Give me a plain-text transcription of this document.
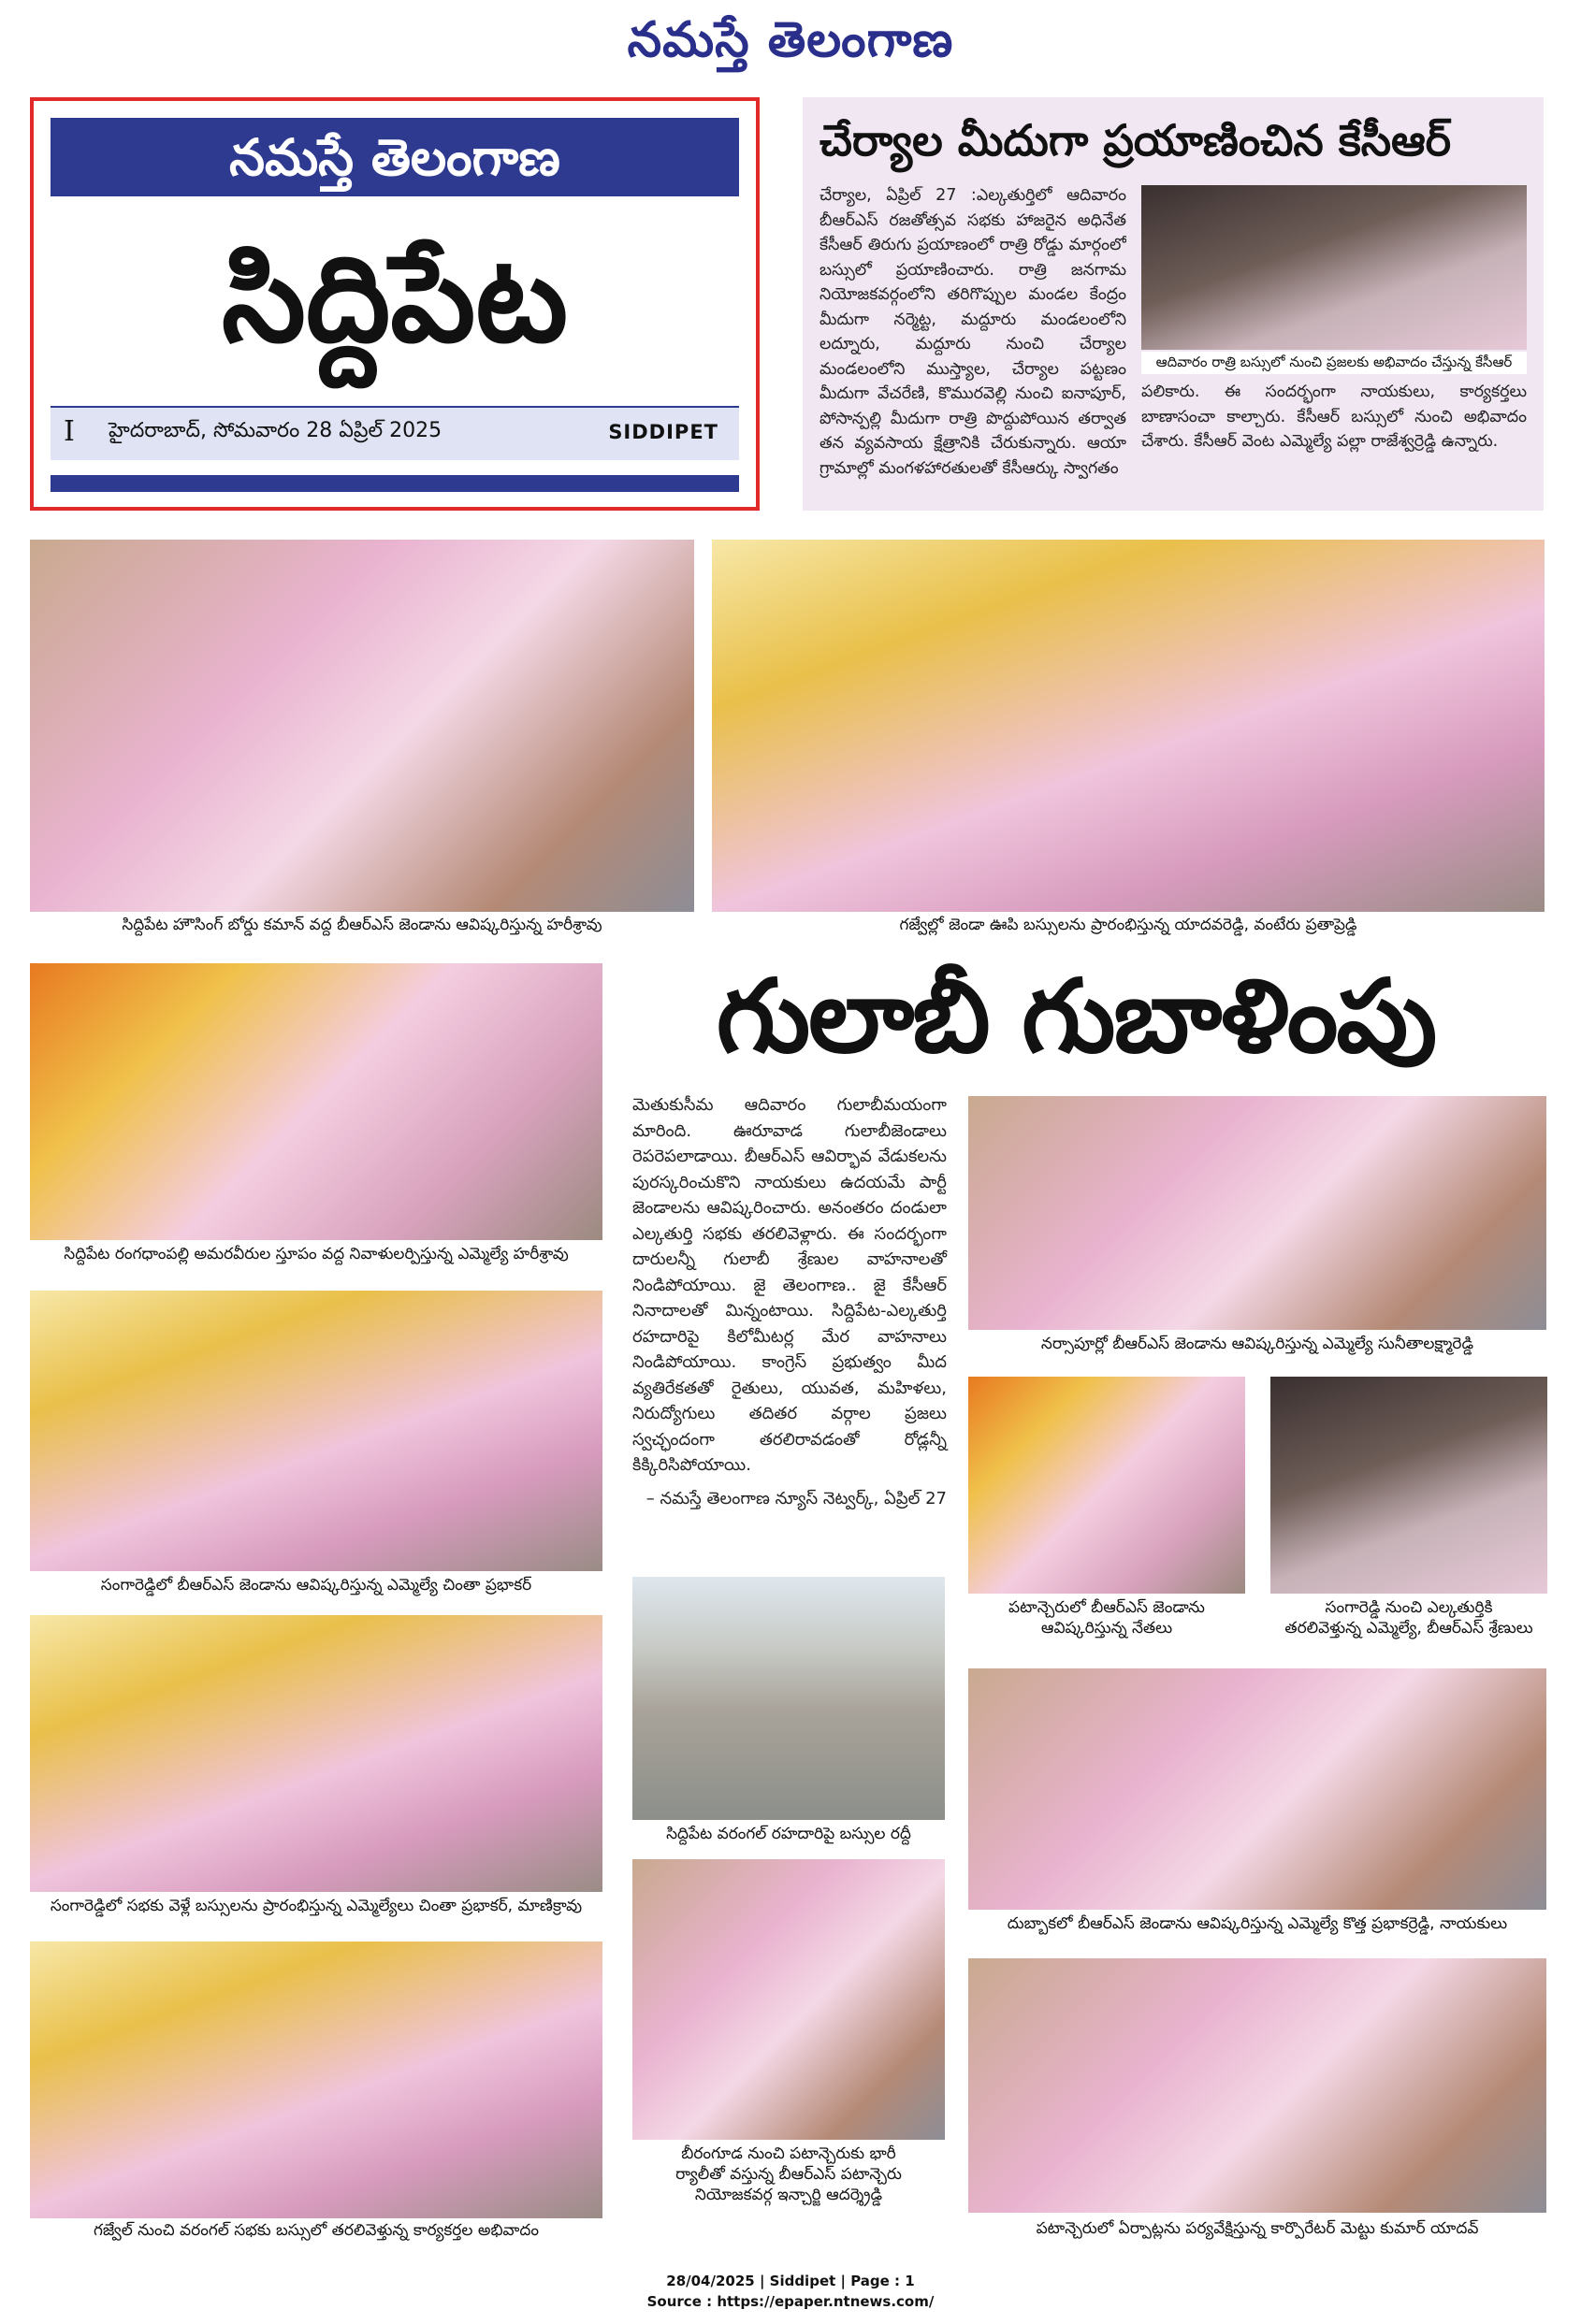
నమస్తే తెలంగాణ
నమస్తే తెలంగాణ
సిద్దిపేట
I హైదరాబాద్, సోమవారం 28 ఏప్రిల్ 2025	SIDDIPET
చేర్యాల మీదుగా ప్రయాణించిన కేసీఆర్
చేర్యాల, ఏప్రిల్ 27 :ఎల్కతుర్తిలో ఆదివారం బీఆర్ఎస్ రజతోత్సవ సభకు హాజరైన అధినేత కేసీఆర్ తిరుగు ప్రయాణంలో రాత్రి రోడ్డు మార్గంలో బస్సులో ప్రయాణించారు. రాత్రి జనగామ నియోజకవర్గంలోని తరిగొప్పుల మండల కేంద్రం మీదుగా నర్మెట్ట, మద్దూరు మండలంలోని లద్నూరు, మద్దూరు నుంచి చేర్యాల మండలంలోని ముస్త్యాల, చేర్యాల పట్టణం మీదుగా వేచరేణి, కొమురవెల్లి నుంచి ఐనాపూర్, పోసాన్పల్లి మీదుగా రాత్రి పొద్దుపోయిన తర్వాత తన వ్యవసాయ క్షేత్రానికి చేరుకున్నారు. ఆయా గ్రామాల్లో మంగళహారతులతో కేసీఆర్కు స్వాగతం
ఆదివారం రాత్రి బస్సులో నుంచి ప్రజలకు అభివాదం చేస్తున్న కేసీఆర్
పలికారు. ఈ సందర్భంగా నాయకులు, కార్యకర్తలు బాణాసంచా కాల్చారు. కేసీఆర్ బస్సులో నుంచి అభివాదం చేశారు. కేసీఆర్ వెంట ఎమ్మెల్యే పల్లా రాజేశ్వర్రెడ్డి ఉన్నారు.
సిద్దిపేట హౌసింగ్ బోర్డు కమాన్ వద్ద బీఆర్ఎస్ జెండాను ఆవిష్కరిస్తున్న హరీశ్రావు	గజ్వేల్లో జెండా ఊపి బస్సులను ప్రారంభిస్తున్న యాదవరెడ్డి, వంటేరు ప్రతాప్రెడ్డి
గులాబీ గుబాళింపు
సిద్దిపేట రంగధాంపల్లి అమరవీరుల స్తూపం వద్ద నివాళులర్పిస్తున్న ఎమ్మెల్యే హరీశ్రావు
సంగారెడ్డిలో బీఆర్ఎస్ జెండాను ఆవిష్కరిస్తున్న ఎమ్మెల్యే చింతా ప్రభాకర్
సంగారెడ్డిలో సభకు వెళ్లే బస్సులను ప్రారంభిస్తున్న ఎమ్మెల్యేలు చింతా ప్రభాకర్, మాణిక్రావు
గజ్వేల్ నుంచి వరంగల్ సభకు బస్సులో తరలివెళ్తున్న కార్యకర్తల అభివాదం
మెతుకుసీమ ఆదివారం గులాబీమయంగా మారింది. ఊరూవాడ గులాబీజెండాలు రెపరెపలాడాయి. బీఆర్ఎస్ ఆవిర్భావ వేడుకలను పురస్కరించుకొని నాయకులు ఉదయమే పార్టీ జెండాలను ఆవిష్కరించారు. అనంతరం దండులా ఎల్కతుర్తి సభకు తరలివెళ్లారు. ఈ సందర్భంగా దారులన్నీ గులాబీ శ్రేణుల వాహనాలతో నిండిపోయాయి. జై తెలంగాణ.. జై కేసీఆర్ నినాదాలతో మిన్నంటాయి. సిద్దిపేట-ఎల్కతుర్తి రహదారిపై కిలోమీటర్ల మేర వాహనాలు నిండిపోయాయి. కాంగ్రెస్ ప్రభుత్వం మీద వ్యతిరేకతతో రైతులు, యువత, మహిళలు, నిరుద్యోగులు తదితర వర్గాల ప్రజలు స్వచ్ఛందంగా తరలిరావడంతో రోడ్లన్నీ కిక్కిరిసిపోయాయి.
– నమస్తే తెలంగాణ న్యూస్ నెట్వర్క్, ఏప్రిల్ 27
సిద్దిపేట వరంగల్ రహదారిపై బస్సుల రద్దీ
బీరంగూడ నుంచి పటాన్చెరుకు భారీ
ర్యాలీతో వస్తున్న బీఆర్ఎస్ పటాన్చెరు
నియోజకవర్గ ఇన్చార్జి ఆదర్శ్రెడ్డి
నర్సాపూర్లో బీఆర్ఎస్ జెండాను ఆవిష్కరిస్తున్న ఎమ్మెల్యే సునీతాలక్ష్మారెడ్డి
పటాన్చెరులో బీఆర్ఎస్ జెండాను
ఆవిష్కరిస్తున్న నేతలు
సంగారెడ్డి నుంచి ఎల్కతుర్తికి
తరలివెళ్తున్న ఎమ్మెల్యే, బీఆర్ఎస్ శ్రేణులు
దుబ్బాకలో బీఆర్ఎస్ జెండాను ఆవిష్కరిస్తున్న ఎమ్మెల్యే కొత్త ప్రభాకర్రెడ్డి, నాయకులు
పటాన్చెరులో ఏర్పాట్లను పర్యవేక్షిస్తున్న కార్పొరేటర్ మెట్టు కుమార్ యాదవ్
28/04/2025 | Siddipet | Page : 1
Source : https://epaper.ntnews.com/
